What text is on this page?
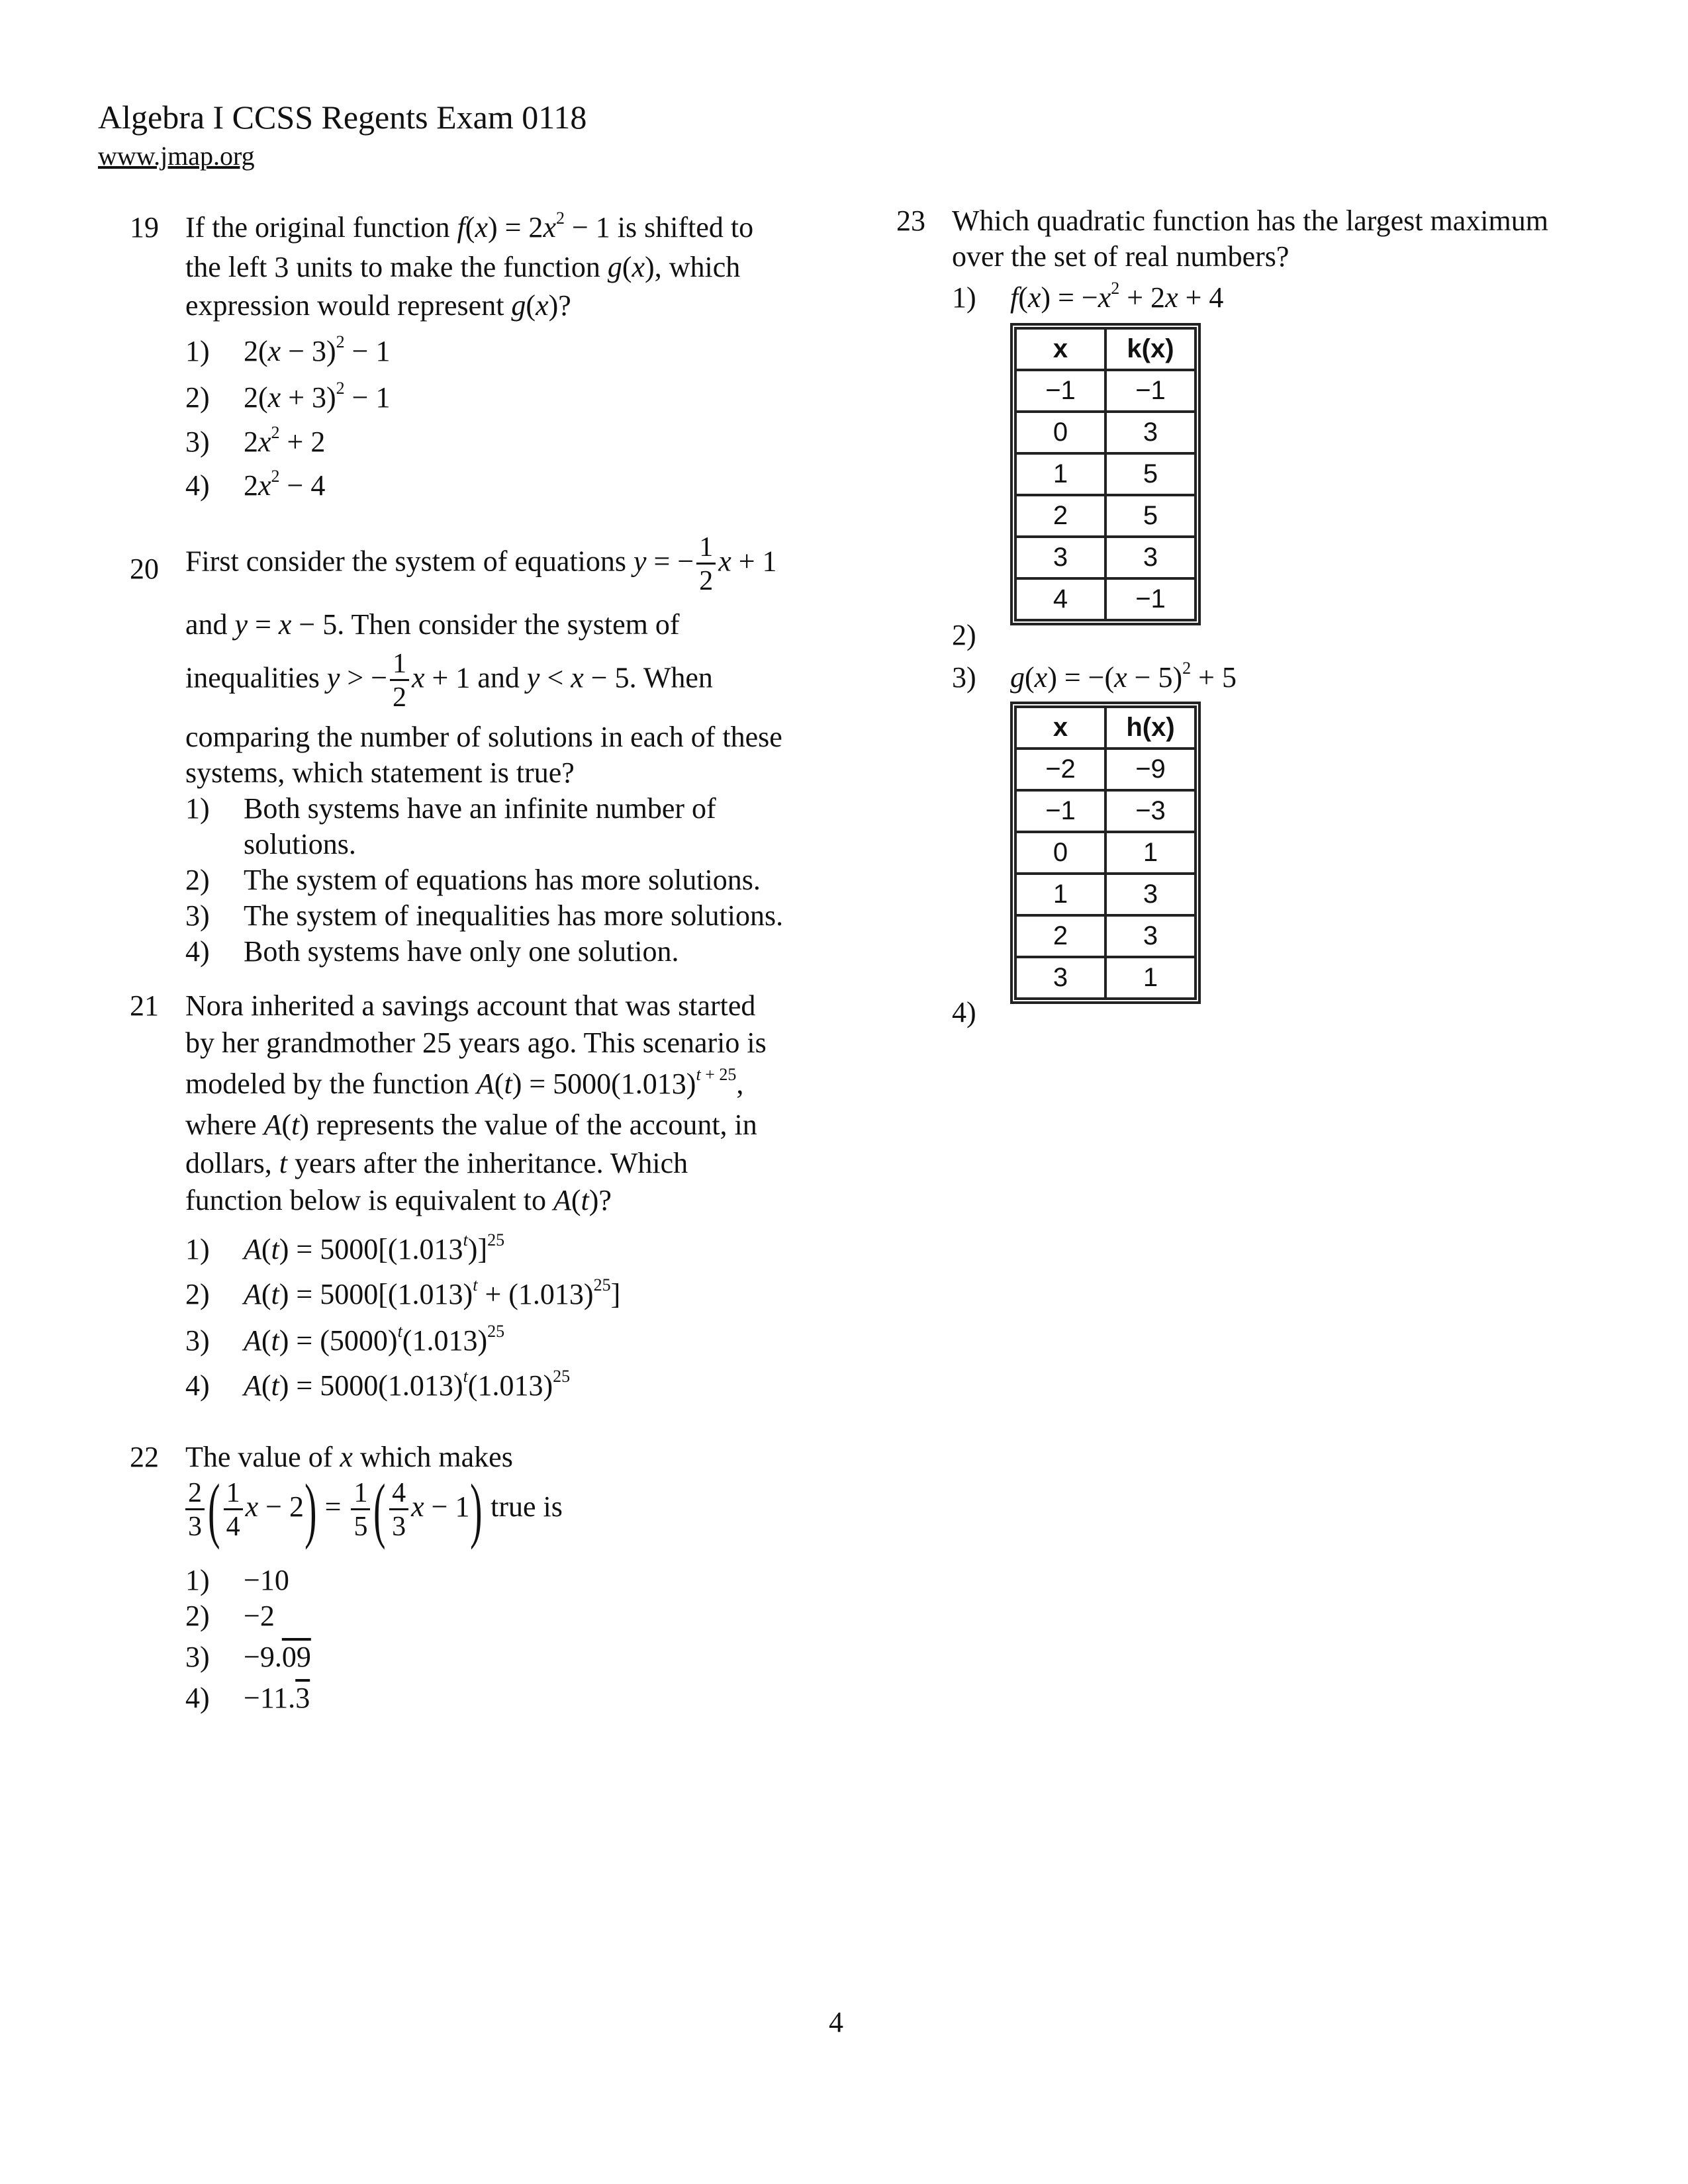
Algebra I CCSS Regents Exam 0118
www.jmap.org
19 If the original function $f(x) = 2x^2 - 1$ is shifted to
the left 3 units to make the function g(x), which
expression would represent g(x)?
1) $2(x - 3)^2 - 1$
2) $2(x + 3)^2 - 1$
3) $2x^2 + 2$
4) $2x^2 - 4$
20 First consider the system of equations y = − $\frac{1}{2}$ x + 1
and y = x − 5. Then consider the system of
inequalities y > − $\frac{1}{2}$ x + 1 and y < x − 5. When
comparing the number of solutions in each of these
systems, which statement is true?
1) Both systems have an infinite number of
solutions.
2) The system of equations has more solutions.
3) The system of inequalities has more solutions.
4) Both systems have only one solution.
21 Nora inherited a savings account that was started
by her grandmother 25 years ago. This scenario is
modeled by the function $A(t) = 5000(1.013)^{t + 25}$,
where A(t) represents the value of the account, in
dollars, t years after the inheritance. Which
function below is equivalent to A(t)?
1) $A(t) = 5000[(1.013^t)]^{25}$
2) $A(t) = 5000[(1.013)^t + (1.013)^{25}]$
3) $A(t) = (5000)^t(1.013)^{25}$
4) $A(t) = 5000(1.013)^t(1.013)^{25}$
22 The value of x which makes
$\frac{2}{3}$ ( $\frac{1}{4}$ $x - 2) = \frac{1}{5}$ ( $\frac{4}{3}$ x − 1) true is
1) −10
2) −2
3) −9.09
4) −11.3
23 Which quadratic function has the largest maximum
over the set of real numbers?
1) $f(x) = -x^2 + 2x + 4$
2)
x	k(x)
−1	−1
0	3
1	5
2	5
3	3
4	−1
3) $g(x) = -(x - 5)^2 + 5$
4)
x	h(x)
−2	−9
−1	−3
0	1
1	3
2	3
3	1
4
